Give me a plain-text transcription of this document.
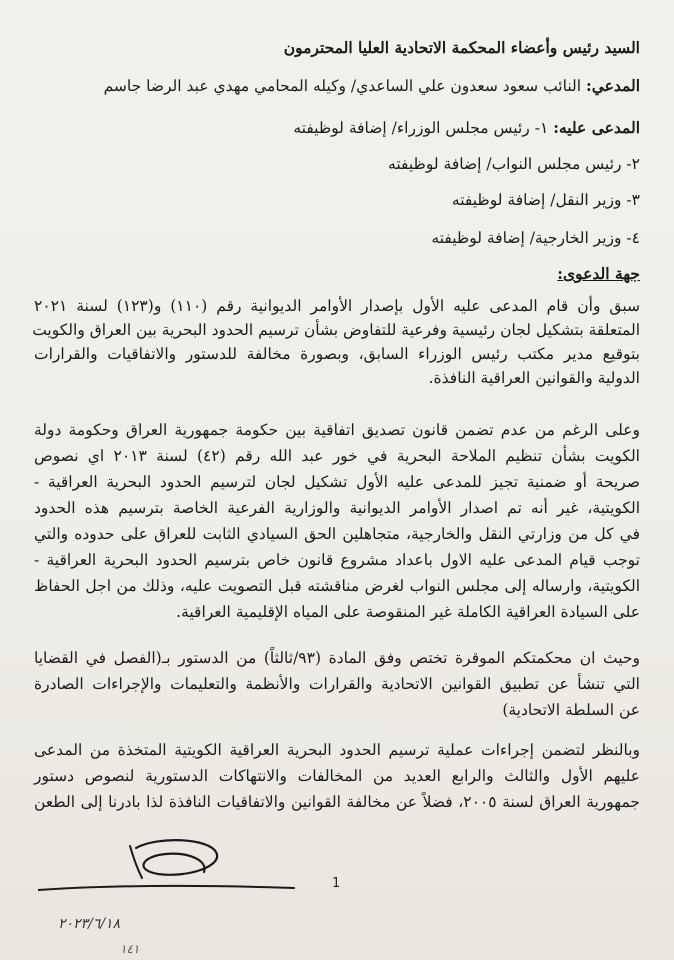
السيد رئيس وأعضاء المحكمة الاتحادية العليا المحترمون
المدعي: النائب سعود سعدون علي الساعدي/ وكيله المحامي مهدي عبد الرضا جاسم
المدعى عليه: ١- رئيس مجلس الوزراء/ إضافة لوظيفته
٢- رئيس مجلس النواب/ إضافة لوظيفته
٣- وزير النقل/ إضافة لوظيفته
٤- وزير الخارجية/ إضافة لوظيفته
جهة الدعوى:
سبق وأن قام المدعى عليه الأول بإصدار الأوامر الديوانية رقم (١١٠) و(١٢٣) لسنة ٢٠٢١
المتعلقة بتشكيل لجان رئيسية وفرعية للتفاوض بشأن ترسيم الحدود البحرية بين العراق والكويت
بتوقيع مدير مكتب رئيس الوزراء السابق، وبصورة مخالفة للدستور والاتفاقيات والقرارات
الدولية والقوانين العراقية النافذة.
وعلى الرغم من عدم تضمن قانون تصديق اتفاقية بين حكومة جمهورية العراق وحكومة دولة
الكويت بشأن تنظيم الملاحة البحرية في خور عبد الله رقم (٤٢) لسنة ٢٠١٣ اي نصوص
صريحة أو ضمنية تجيز للمدعى عليه الأول تشكيل لجان لترسيم الحدود البحرية العراقية -
الكويتية، غير أنه تم اصدار الأوامر الديوانية والوزارية الفرعية الخاصة بترسيم هذه الحدود
في كل من وزارتي النقل والخارجية، متجاهلين الحق السيادي الثابت للعراق على حدوده والتي
توجب قيام المدعى عليه الاول باعداد مشروع قانون خاص بترسيم الحدود البحرية العراقية -
الكويتية، وارساله إلى مجلس النواب لغرض مناقشته قبل التصويت عليه، وذلك من اجل الحفاظ
على السيادة العراقية الكاملة غير المنقوصة على المياه الإقليمية العراقية.
وحيث ان محكمتكم الموقرة تختص وفق المادة (٩٣/ثالثاً) من الدستور بـ(الفصل في القضايا
التي تنشأ عن تطبيق القوانين الاتحادية والقرارات والأنظمة والتعليمات والإجراءات الصادرة
عن السلطة الاتحادية)
وبالنظر لتضمن إجراءات عملية ترسيم الحدود البحرية العراقية الكويتية المتخذة من المدعى
عليهم الأول والثالث والرابع العديد من المخالفات والانتهاكات الدستورية لنصوص دستور
جمهورية العراق لسنة ٢٠٠٥، فضلاً عن مخالفة القوانين والاتفاقيات النافذة لذا بادرنا إلى الطعن
1
٢٠٢٣/٦/١٨
١٤١
